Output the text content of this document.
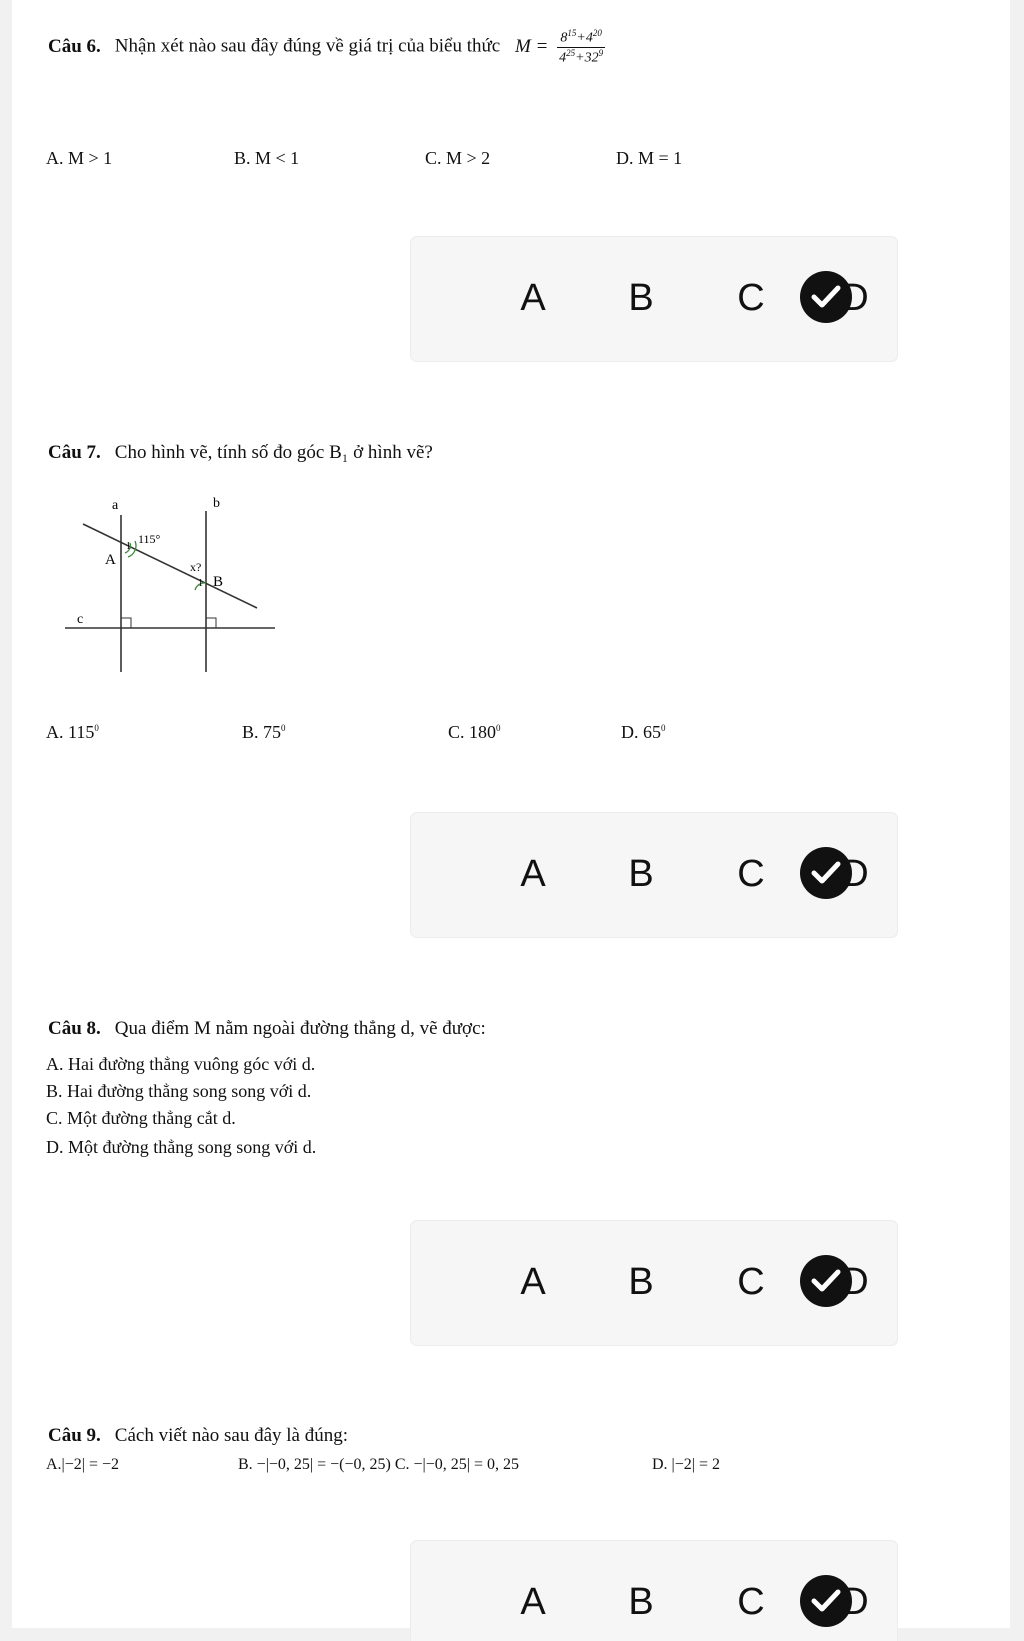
Câu 6. Nhận xét nào sau đây đúng về giá trị của biểu thức $M = \frac{8^{15}+4^{20}}{4^{25}+32^9}$
A. M > 1	B. M < 1	C. M > 2	D. M = 1
A B C D
Câu 7. Cho hình vẽ, tính số đo góc B₁ ở hình vẽ?
a	b
c
A
B
115°
x?
1
1
A. $115^0$	B. $75^0$	C. $180^0$	D. $65^0$
A B C D
Câu 8. Qua điểm M nằm ngoài đường thẳng d, vẽ được:
A. Hai đường thẳng vuông góc với d.
B. Hai đường thẳng song song với d.
C. Một đường thẳng cắt d.
D. Một đường thẳng song song với d.
A B C D
Câu 9. Cách viết nào sau đây là đúng:
A.|−2| = −2	B. −|−0, 25| = −(−0, 25) C. −|−0, 25| = 0, 25	D. |−2| = 2
A B C D
